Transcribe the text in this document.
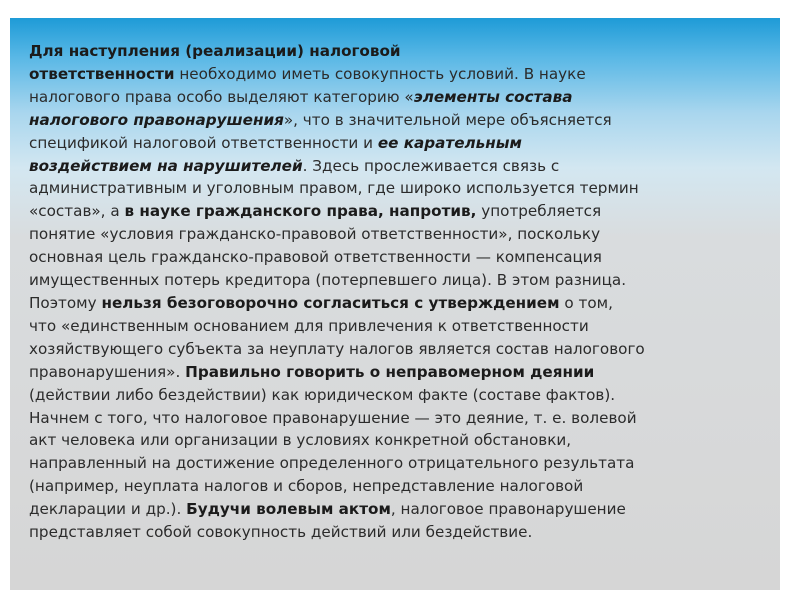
Для наступления (реализации) налоговой
ответственности необходимо иметь совокупность условий. В науке
налогового права особо выделяют категорию «элементы состава
налогового правонарушения», что в значительной мере объясняется
спецификой налоговой ответственности и ее карательным
воздействием на нарушителей. Здесь прослеживается связь с
административным и уголовным правом, где широко используется термин
«состав», а в науке гражданского права, напротив, употребляется
понятие «условия гражданско-правовой ответственности», поскольку
основная цель гражданско-правовой ответственности — компенсация
имущественных потерь кредитора (потерпевшего лица). В этом разница.
Поэтому нельзя безоговорочно согласиться с утверждением о том,
что «единственным основанием для привлечения к ответственности
хозяйствующего субъекта за неуплату налогов является состав налогового
правонарушения». Правильно говорить о неправомерном деянии
(действии либо бездействии) как юридическом факте (составе фактов).
Начнем с того, что налоговое правонарушение — это деяние, т. е. волевой
акт человека или организации в условиях конкретной обстановки,
направленный на достижение определенного отрицательного результата
(например, неуплата налогов и сборов, непредставление налоговой
декларации и др.). Будучи волевым актом, налоговое правонарушение
представляет собой совокупность действий или бездействие.
